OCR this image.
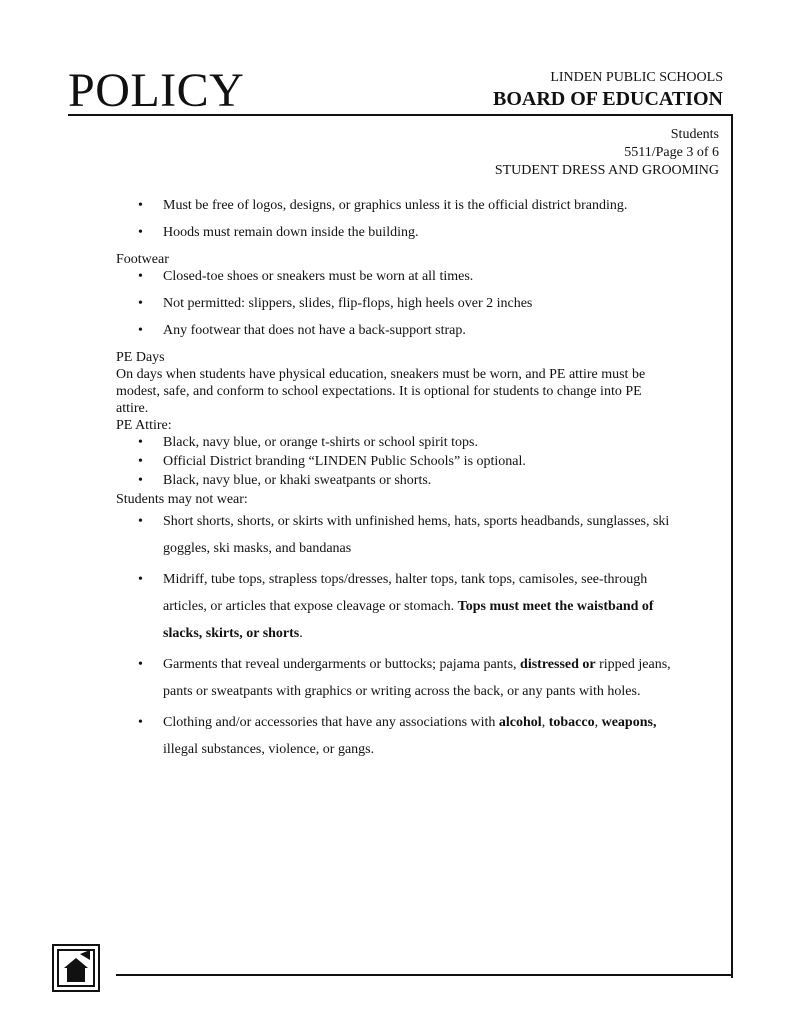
POLICY	LINDEN PUBLIC SCHOOLS
BOARD OF EDUCATION
Students
5511/Page 3 of 6
STUDENT DRESS AND GROOMING
• Must be free of logos, designs, or graphics unless it is the official district branding.
• Hoods must remain down inside the building.

Footwear

• Closed-toe shoes or sneakers must be worn at all times.
• Not permitted: slippers, slides, flip-flops, high heels over 2 inches
• Any footwear that does not have a back-support strap.

PE Days

On days when students have physical education, sneakers must be worn, and PE attire must be modest, safe, and conform to school expectations. It is optional for students to change into PE attire.

PE Attire:

• Black, navy blue, or orange t-shirts or school spirit tops.
• Official District branding “LINDEN Public Schools” is optional.
• Black, navy blue, or khaki sweatpants or shorts.

Students may not wear:

• Short shorts, shorts, or skirts with unfinished hems, hats, sports headbands, sunglasses, ski goggles, ski masks, and bandanas
• Midriff, tube tops, strapless tops/dresses, halter tops, tank tops, camisoles, see-through articles, or articles that expose cleavage or stomach. Tops must meet the waistband of slacks, skirts, or shorts.
• Garments that reveal undergarments or buttocks; pajama pants, distressed or ripped jeans, pants or sweatpants with graphics or writing across the back, or any pants with holes.
• Clothing and/or accessories that have any associations with alcohol, tobacco, weapons, illegal substances, violence, or gangs.
